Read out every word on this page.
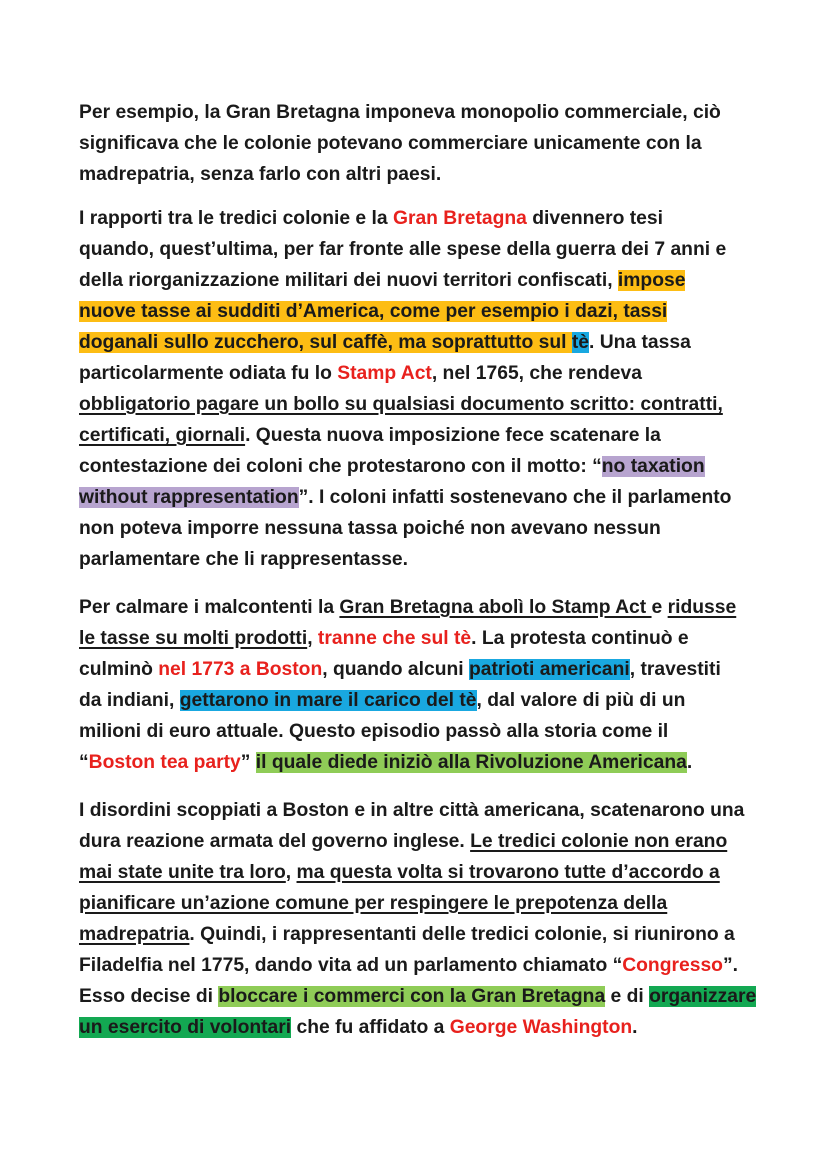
Per esempio, la Gran Bretagna imponeva monopolio commerciale, ciò
significava che le colonie potevano commerciare unicamente con la
madrepatria, senza farlo con altri paesi.
I rapporti tra le tredici colonie e la Gran Bretagna divennero tesi
quando, quest’ultima, per far fronte alle spese della guerra dei 7 anni e
della riorganizzazione militari dei nuovi territori confiscati, impose
nuove tasse ai sudditi d’America, come per esempio i dazi, tassi
doganali sullo zucchero, sul caffè, ma soprattutto sul tè. Una tassa
particolarmente odiata fu lo Stamp Act, nel 1765, che rendeva
obbligatorio pagare un bollo su qualsiasi documento scritto: contratti,
certificati, giornali. Questa nuova imposizione fece scatenare la
contestazione dei coloni che protestarono con il motto: “no taxation
without rappresentation”. I coloni infatti sostenevano che il parlamento
non poteva imporre nessuna tassa poiché non avevano nessun
parlamentare che li rappresentasse.
Per calmare i malcontenti la Gran Bretagna abolì lo Stamp Act e ridusse
le tasse su molti prodotti, tranne che sul tè. La protesta continuò e
culminò nel 1773 a Boston, quando alcuni patrioti americani, travestiti
da indiani, gettarono in mare il carico del tè, dal valore di più di un
milioni di euro attuale. Questo episodio passò alla storia come il
“Boston tea party” il quale diede iniziò alla Rivoluzione Americana.
I disordini scoppiati a Boston e in altre città americana, scatenarono una
dura reazione armata del governo inglese. Le tredici colonie non erano
mai state unite tra loro, ma questa volta si trovarono tutte d’accordo a
pianificare un’azione comune per respingere le prepotenza della
madrepatria. Quindi, i rappresentanti delle tredici colonie, si riunirono a
Filadelfia nel 1775, dando vita ad un parlamento chiamato “Congresso”.
Esso decise di bloccare i commerci con la Gran Bretagna e di organizzare
un esercito di volontari che fu affidato a George Washington.
